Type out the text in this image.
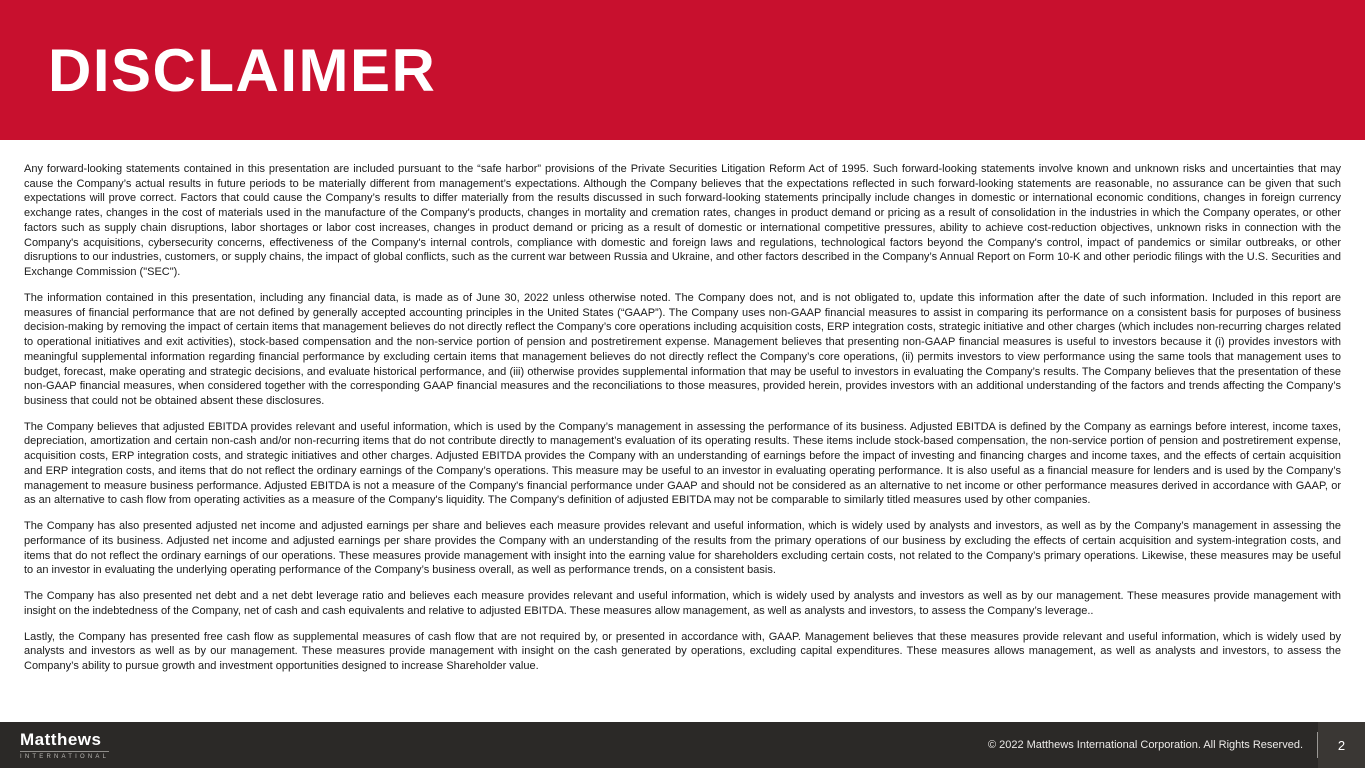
DISCLAIMER

Any forward-looking statements contained in this presentation are included pursuant to the “safe harbor” provisions of the Private Securities Litigation Reform Act of 1995. Such forward-looking statements involve known and unknown risks and uncertainties that may cause the Company’s actual results in future periods to be materially different from management’s expectations. Although the Company believes that the expectations reflected in such forward-looking statements are reasonable, no assurance can be given that such expectations will prove correct. Factors that could cause the Company’s results to differ materially from the results discussed in such forward-looking statements principally include changes in domestic or international economic conditions, changes in foreign currency exchange rates, changes in the cost of materials used in the manufacture of the Company's products, changes in mortality and cremation rates, changes in product demand or pricing as a result of consolidation in the industries in which the Company operates, or other factors such as supply chain disruptions, labor shortages or labor cost increases, changes in product demand or pricing as a result of domestic or international competitive pressures, ability to achieve cost-reduction objectives, unknown risks in connection with the Company's acquisitions, cybersecurity concerns, effectiveness of the Company's internal controls, compliance with domestic and foreign laws and regulations, technological factors beyond the Company's control, impact of pandemics or similar outbreaks, or other disruptions to our industries, customers, or supply chains, the impact of global conflicts, such as the current war between Russia and Ukraine, and other factors described in the Company’s Annual Report on Form 10-K and other periodic filings with the U.S. Securities and Exchange Commission ("SEC").

The information contained in this presentation, including any financial data, is made as of June 30, 2022 unless otherwise noted. The Company does not, and is not obligated to, update this information after the date of such information. Included in this report are measures of financial performance that are not defined by generally accepted accounting principles in the United States (“GAAP”). The Company uses non-GAAP financial measures to assist in comparing its performance on a consistent basis for purposes of business decision-making by removing the impact of certain items that management believes do not directly reflect the Company’s core operations including acquisition costs, ERP integration costs, strategic initiative and other charges (which includes non-recurring charges related to operational initiatives and exit activities), stock-based compensation and the non-service portion of pension and postretirement expense. Management believes that presenting non-GAAP financial measures is useful to investors because it (i) provides investors with meaningful supplemental information regarding financial performance by excluding certain items that management believes do not directly reflect the Company’s core operations, (ii) permits investors to view performance using the same tools that management uses to budget, forecast, make operating and strategic decisions, and evaluate historical performance, and (iii) otherwise provides supplemental information that may be useful to investors in evaluating the Company’s results. The Company believes that the presentation of these non-GAAP financial measures, when considered together with the corresponding GAAP financial measures and the reconciliations to those measures, provided herein, provides investors with an additional understanding of the factors and trends affecting the Company’s business that could not be obtained absent these disclosures.

The Company believes that adjusted EBITDA provides relevant and useful information, which is used by the Company’s management in assessing the performance of its business. Adjusted EBITDA is defined by the Company as earnings before interest, income taxes, depreciation, amortization and certain non-cash and/or non-recurring items that do not contribute directly to management’s evaluation of its operating results. These items include stock-based compensation, the non-service portion of pension and postretirement expense, acquisition costs, ERP integration costs, and strategic initiatives and other charges. Adjusted EBITDA provides the Company with an understanding of earnings before the impact of investing and financing charges and income taxes, and the effects of certain acquisition and ERP integration costs, and items that do not reflect the ordinary earnings of the Company’s operations. This measure may be useful to an investor in evaluating operating performance. It is also useful as a financial measure for lenders and is used by the Company’s management to measure business performance. Adjusted EBITDA is not a measure of the Company's financial performance under GAAP and should not be considered as an alternative to net income or other performance measures derived in accordance with GAAP, or as an alternative to cash flow from operating activities as a measure of the Company's liquidity. The Company's definition of adjusted EBITDA may not be comparable to similarly titled measures used by other companies.

The Company has also presented adjusted net income and adjusted earnings per share and believes each measure provides relevant and useful information, which is widely used by analysts and investors, as well as by the Company’s management in assessing the performance of its business. Adjusted net income and adjusted earnings per share provides the Company with an understanding of the results from the primary operations of our business by excluding the effects of certain acquisition and system-integration costs, and items that do not reflect the ordinary earnings of our operations. These measures provide management with insight into the earning value for shareholders excluding certain costs, not related to the Company’s primary operations. Likewise, these measures may be useful to an investor in evaluating the underlying operating performance of the Company’s business overall, as well as performance trends, on a consistent basis.

The Company has also presented net debt and a net debt leverage ratio and believes each measure provides relevant and useful information, which is widely used by analysts and investors as well as by our management. These measures provide management with insight on the indebtedness of the Company, net of cash and cash equivalents and relative to adjusted EBITDA. These measures allow management, as well as analysts and investors, to assess the Company’s leverage..

Lastly, the Company has presented free cash flow as supplemental measures of cash flow that are not required by, or presented in accordance with, GAAP. Management believes that these measures provide relevant and useful information, which is widely used by analysts and investors as well as by our management. These measures provide management with insight on the cash generated by operations, excluding capital expenditures. These measures allows management, as well as analysts and investors, to assess the Company’s ability to pursue growth and investment opportunities designed to increase Shareholder value.

Matthews
INTERNATIONAL
© 2022 Matthews International Corporation. All Rights Reserved.	2
